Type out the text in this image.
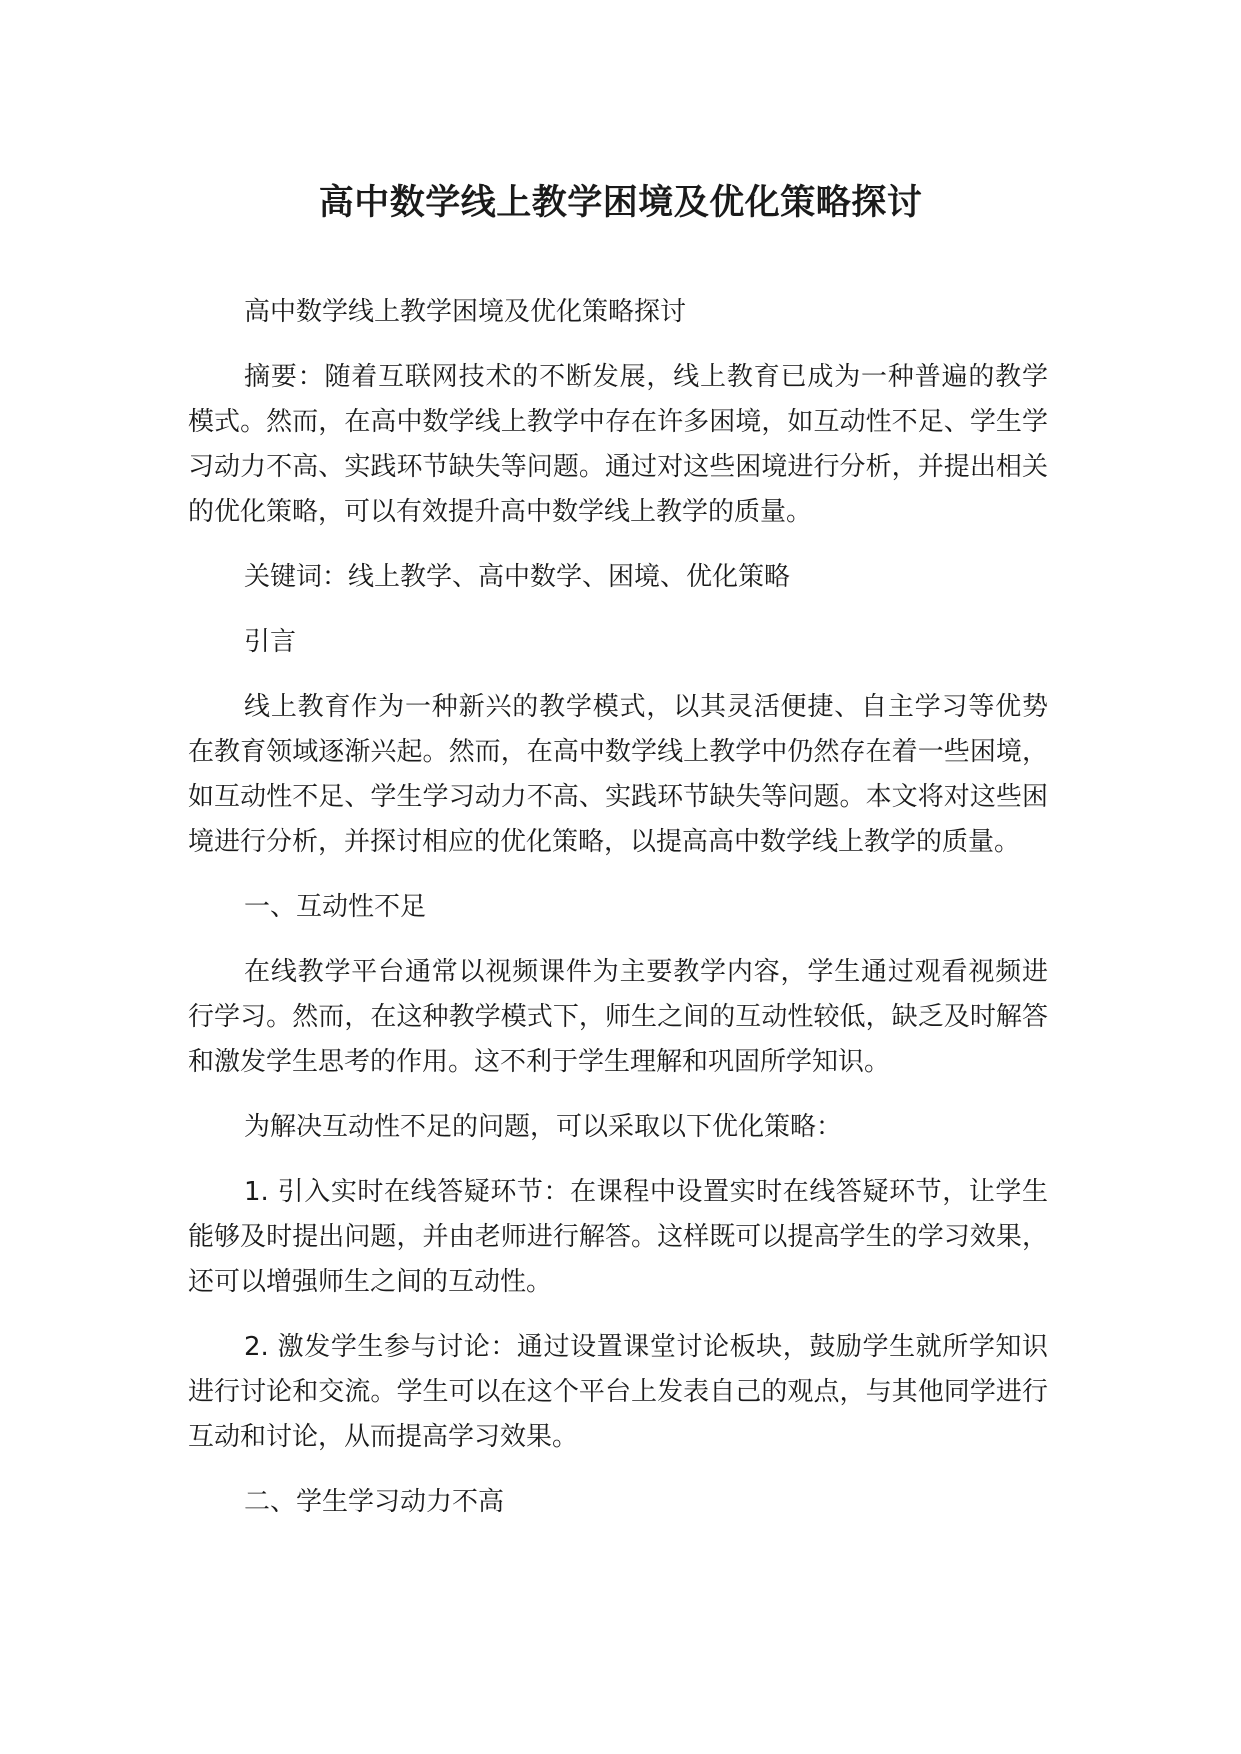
高中数学线上教学困境及优化策略探讨

高中数学线上教学困境及优化策略探讨

摘要：随着互联网技术的不断发展，线上教育已成为一种普遍的教学模式。然而，在高中数学线上教学中存在许多困境，如互动性不足、学生学习动力不高、实践环节缺失等问题。通过对这些困境进行分析，并提出相关的优化策略，可以有效提升高中数学线上教学的质量。

关键词：线上教学、高中数学、困境、优化策略

引言

线上教育作为一种新兴的教学模式，以其灵活便捷、自主学习等优势在教育领域逐渐兴起。然而，在高中数学线上教学中仍然存在着一些困境，如互动性不足、学生学习动力不高、实践环节缺失等问题。本文将对这些困境进行分析，并探讨相应的优化策略，以提高高中数学线上教学的质量。

一、互动性不足

在线教学平台通常以视频课件为主要教学内容，学生通过观看视频进行学习。然而，在这种教学模式下，师生之间的互动性较低，缺乏及时解答和激发学生思考的作用。这不利于学生理解和巩固所学知识。

为解决互动性不足的问题，可以采取以下优化策略：

1. 引入实时在线答疑环节：在课程中设置实时在线答疑环节，让学生能够及时提出问题，并由老师进行解答。这样既可以提高学生的学习效果，还可以增强师生之间的互动性。

2. 激发学生参与讨论：通过设置课堂讨论板块，鼓励学生就所学知识进行讨论和交流。学生可以在这个平台上发表自己的观点，与其他同学进行互动和讨论，从而提高学习效果。

二、学生学习动力不高
